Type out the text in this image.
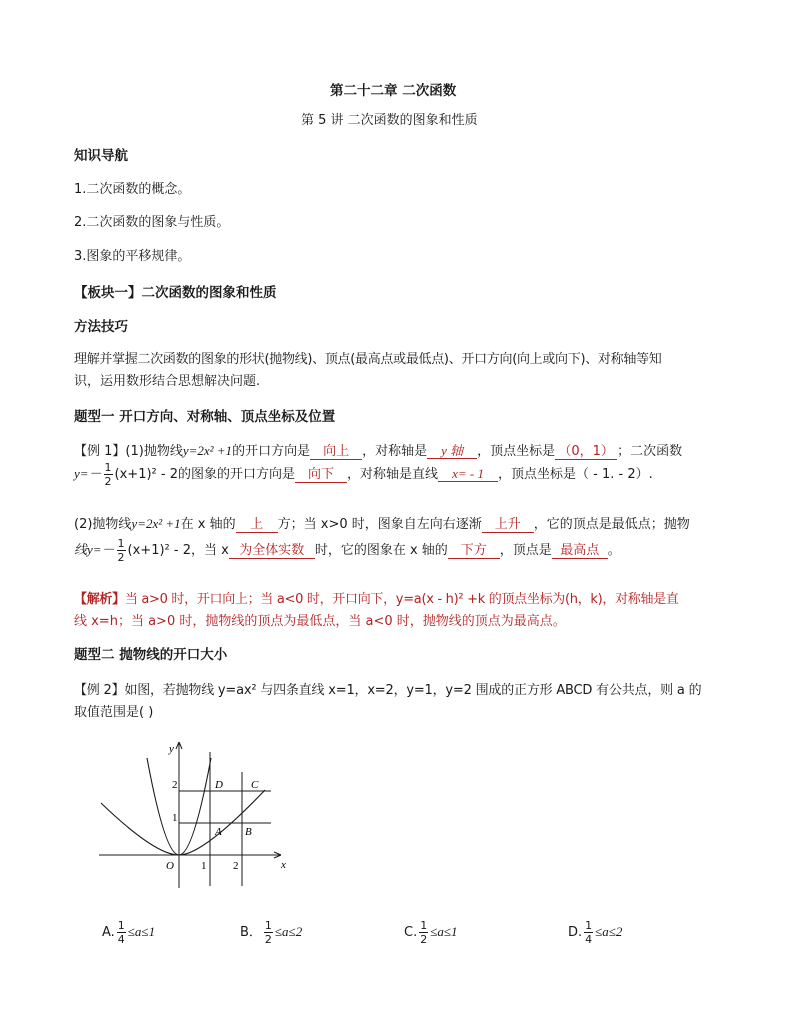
第二十二章 二次函数
第 5 讲 二次函数的图象和性质
知识导航
1.二次函数的概念。
2.二次函数的图象与性质。
3.图象的平移规律。
【板块一】二次函数的图象和性质
方法技巧
理解并掌握二次函数的图象的形状(抛物线)、顶点(最高点或最低点)、开口方向(向上或向下)、对称轴等知
识，运用数形结合思想解决问题.
题型一 开口方向、对称轴、顶点坐标及位置
【例 1】(1)抛物线y=2x² +1的开口方向是 向上 ，对称轴是 y 轴 ，顶点坐标是 （0，1） ；二次函数
$y=- \frac{1}{2} (x+1)^2 - 2$的图象的开口方向是 向下 ，对称轴是直线 x= - 1 ，顶点坐标是（ - 1. - 2）.
(2)抛物线y=2x² +1在 x 轴的 上 方；当 x>0 时，图象自左向右逐渐 上升 ，它的顶点是最低点；抛物
线$y=- \frac{1}{2} (x+1)^2 - 2$，当 x 为全体实数 时，它的图象在 x 轴的 下方 ，顶点是 最高点 。
【解析】当 a>0 时，开口向上；当 a<0 时，开口向下，y=a(x - h)² +k 的顶点坐标为(h，k)，对称轴是直
线 x=h；当 a>0 时，抛物线的顶点为最低点，当 a<0 时，抛物线的顶点为最高点。
题型二 抛物线的开口大小
【例 2】如图，若抛物线 y=ax² 与四条直线 x=1，x=2，y=1，y=2 围成的正方形 ABCD 有公共点，则 a 的
取值范围是( )
y
x
O 1 2
2
1
D	C
A B
A. $\frac{1}{4} \le a\le 1$	B． $\frac{1}{2} \le a\le 2$	C. $\frac{1}{2} \le a\le 1$	D. $\frac{1}{4} \le a\le 2$
